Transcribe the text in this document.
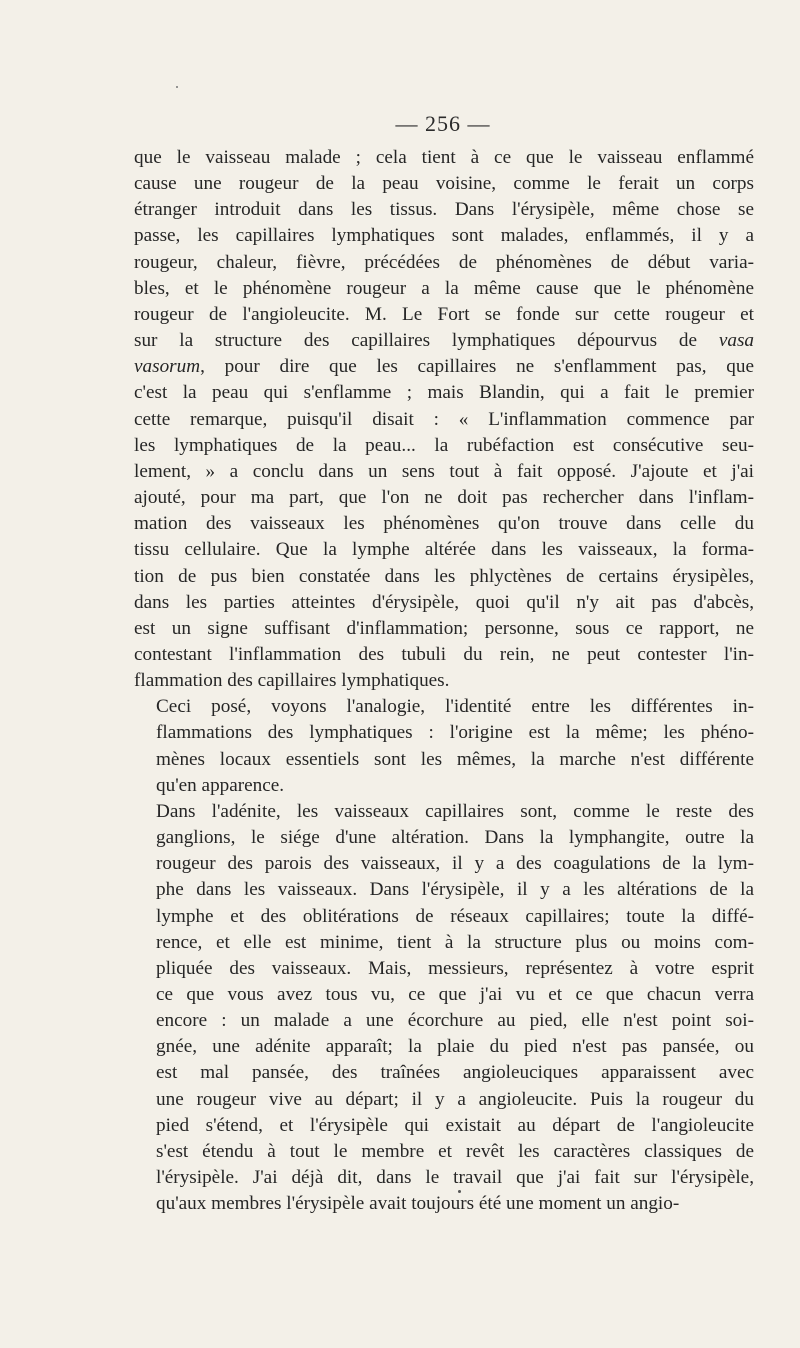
— 256 —
que le vaisseau malade ; cela tient à ce que le vaisseau enflammé
cause une rougeur de la peau voisine, comme le ferait un corps
étranger introduit dans les tissus. Dans l'érysipèle, même chose se
passe, les capillaires lymphatiques sont malades, enflammés, il y a
rougeur, chaleur, fièvre, précédées de phénomènes de début varia-
bles, et le phénomène rougeur a la même cause que le phénomène
rougeur de l'angioleucite. M. Le Fort se fonde sur cette rougeur et
sur la structure des capillaires lymphatiques dépourvus de vasa
vasorum, pour dire que les capillaires ne s'enflamment pas, que
c'est la peau qui s'enflamme ; mais Blandin, qui a fait le premier
cette remarque, puisqu'il disait : « L'inflammation commence par
les lymphatiques de la peau... la rubéfaction est consécutive seu-
lement, » a conclu dans un sens tout à fait opposé. J'ajoute et j'ai
ajouté, pour ma part, que l'on ne doit pas rechercher dans l'inflam-
mation des vaisseaux les phénomènes qu'on trouve dans celle du
tissu cellulaire. Que la lymphe altérée dans les vaisseaux, la forma-
tion de pus bien constatée dans les phlyctènes de certains érysipèles,
dans les parties atteintes d'érysipèle, quoi qu'il n'y ait pas d'abcès,
est un signe suffisant d'inflammation; personne, sous ce rapport, ne
contestant l'inflammation des tubuli du rein, ne peut contester l'in-
flammation des capillaires lymphatiques.
Ceci posé, voyons l'analogie, l'identité entre les différentes in-
flammations des lymphatiques : l'origine est la même; les phéno-
mènes locaux essentiels sont les mêmes, la marche n'est différente
qu'en apparence.
Dans l'adénite, les vaisseaux capillaires sont, comme le reste des
ganglions, le siége d'une altération. Dans la lymphangite, outre la
rougeur des parois des vaisseaux, il y a des coagulations de la lym-
phe dans les vaisseaux. Dans l'érysipèle, il y a les altérations de la
lymphe et des oblitérations de réseaux capillaires; toute la diffé-
rence, et elle est minime, tient à la structure plus ou moins com-
pliquée des vaisseaux. Mais, messieurs, représentez à votre esprit
ce que vous avez tous vu, ce que j'ai vu et ce que chacun verra
encore : un malade a une écorchure au pied, elle n'est point soi-
gnée, une adénite apparaît; la plaie du pied n'est pas pansée, ou
est mal pansée, des traînées angioleuciques apparaissent avec
une rougeur vive au départ; il y a angioleucite. Puis la rougeur du
pied s'étend, et l'érysipèle qui existait au départ de l'angioleucite
s'est étendu à tout le membre et revêt les caractères classiques de
l'érysipèle. J'ai déjà dit, dans le travail que j'ai fait sur l'érysipèle,
qu'aux membres l'érysipèle avait toujours été une moment un angio-
